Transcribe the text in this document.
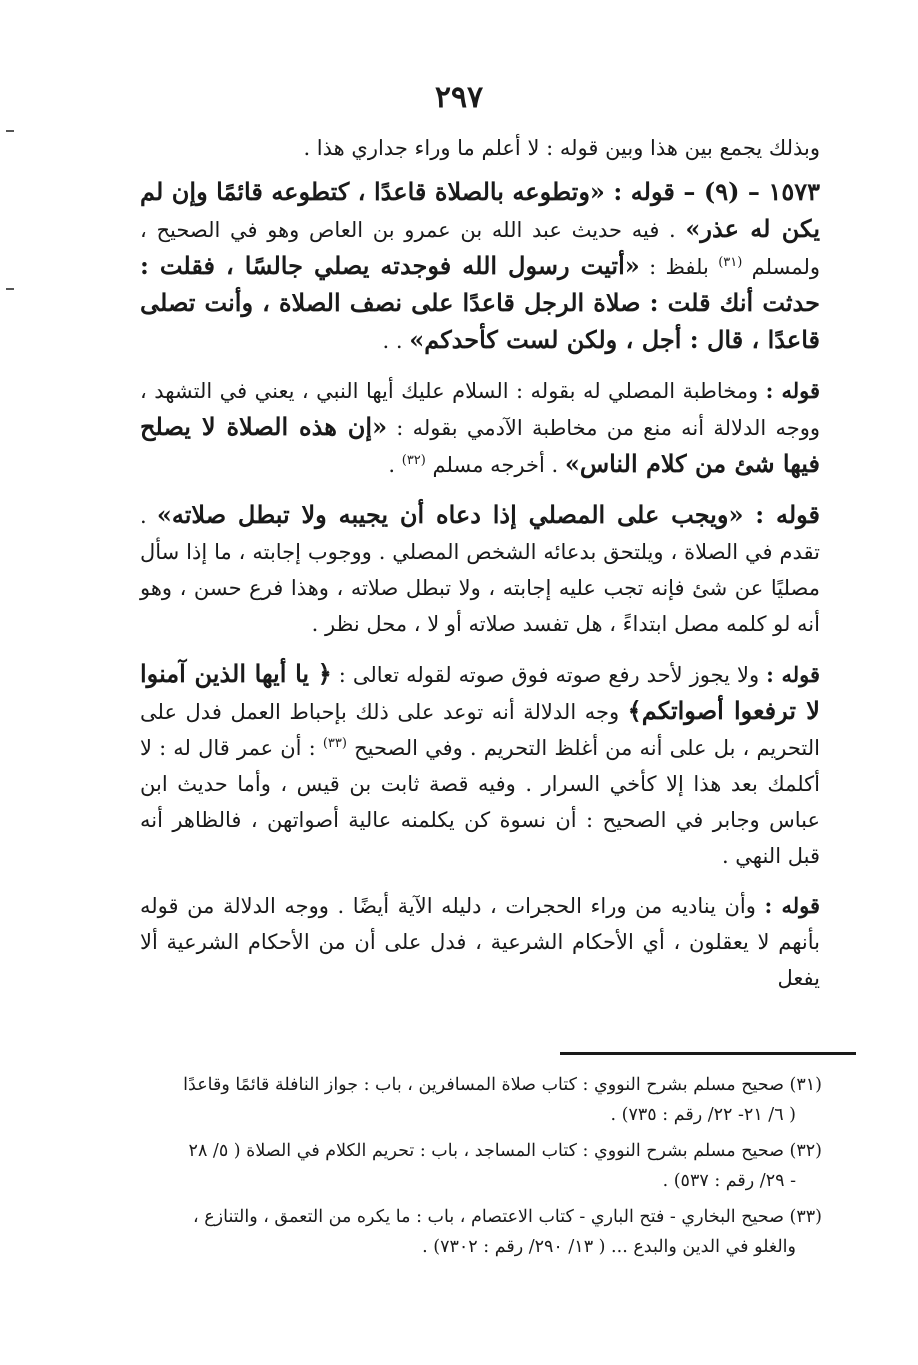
٢٩٧

وبذلك يجمع بين هذا وبين قوله : لا أعلم ما وراء جداري هذا .

١٥٧٣ – (٩) – قوله : «وتطوعه بالصلاة قاعدًا ، كتطوعه قائمًا وإن لم يكن له عذر» . فيه حديث عبد الله بن عمرو بن العاص وهو في الصحيح ، ولمسلم $^{(٣١)}$ بلفظ : «أتيت رسول الله فوجدته يصلي جالسًا ، فقلت : حدثت أنك قلت : صلاة الرجل قاعدًا على نصف الصلاة ، وأنت تصلى قاعدًا ، قال : أجل ، ولكن لست كأحدكم» . .

قوله : ومخاطبة المصلي له بقوله : السلام عليك أيها النبي ، يعني في التشهد ، ووجه الدلالة أنه منع من مخاطبة الآدمي بقوله : «إن هذه الصلاة لا يصلح فيها شئ من كلام الناس» . أخرجه مسلم $^{(٣٢)}$ .

قوله : «ويجب على المصلي إذا دعاه أن يجيبه ولا تبطل صلاته» . تقدم في الصلاة ، ويلتحق بدعائه الشخص المصلي . ووجوب إجابته ، ما إذا سأل مصليًا عن شئ فإنه تجب عليه إجابته ، ولا تبطل صلاته ، وهذا فرع حسن ، وهو أنه لو كلمه مصل ابتداءً ، هل تفسد صلاته أو لا ، محل نظر .

قوله : ولا يجوز لأحد رفع صوته فوق صوته لقوله تعالى : ﴿ يا أيها الذين آمنوا لا ترفعوا أصواتكم﴾ وجه الدلالة أنه توعد على ذلك بإحباط العمل فدل على التحريم ، بل على أنه من أغلظ التحريم . وفي الصحيح $^{(٣٣)}$ : أن عمر قال له : لا أكلمك بعد هذا إلا كأخي السرار . وفيه قصة ثابت بن قيس ، وأما حديث ابن عباس وجابر في الصحيح : أن نسوة كن يكلمنه عالية أصواتهن ، فالظاهر أنه قبل النهي .

قوله : وأن يناديه من وراء الحجرات ، دليله الآية أيضًا . ووجه الدلالة من قوله بأنهم لا يعقلون ، أي الأحكام الشرعية ، فدل على أن من الأحكام الشرعية ألا يفعل

(٣١) صحيح مسلم بشرح النووي : كتاب صلاة المسافرين ، باب : جواز النافلة قائمًا وقاعدًا
( ٦/ ٢١- ٢٢/ رقم : ٧٣٥) .

(٣٢) صحيح مسلم بشرح النووي : كتاب المساجد ، باب : تحريم الكلام في الصلاة ( ٥/ ٢٨
- ٢٩/ رقم : ٥٣٧) .

(٣٣) صحيح البخاري - فتح الباري - كتاب الاعتصام ، باب : ما يكره من التعمق ، والتنازع ،
والغلو في الدين والبدع ... ( ١٣/ ٢٩٠/ رقم : ٧٣٠٢) .
